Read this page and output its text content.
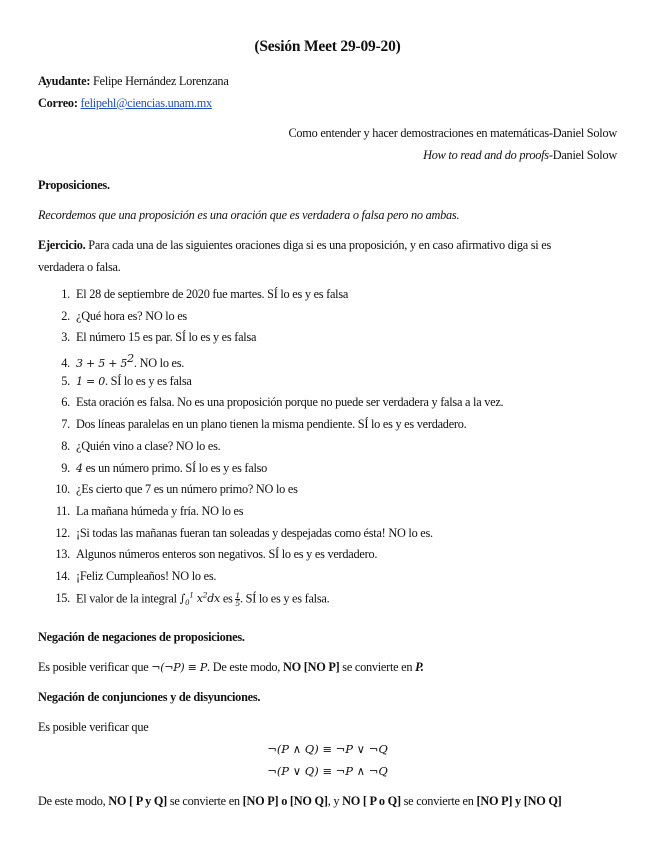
(Sesión Meet 29-09-20)
Ayudante: Felipe Hernández Lorenzana
Correo: felipehl@ciencias.unam.mx
Como entender y hacer demostraciones en matemáticas-Daniel Solow
How to read and do proofs-Daniel Solow
Proposiciones.
Recordemos que una proposición es una oración que es verdadera o falsa pero no ambas.
Ejercicio. Para cada una de las siguientes oraciones diga si es una proposición, y en caso afirmativo diga si es
verdadera o falsa.
1. El 28 de septiembre de 2020 fue martes. SÍ lo es y es falsa
2. ¿Qué hora es? NO lo es
3. El número 15 es par. SÍ lo es y es falsa
4. $3 + 5 + 5^2$. NO lo es.
5. 1 = 0. SÍ lo es y es falsa
6. Esta oración es falsa. No es una proposición porque no puede ser verdadera y falsa a la vez.
7. Dos líneas paralelas en un plano tienen la misma pendiente. SÍ lo es y es verdadero.
8. ¿Quién vino a clase? NO lo es.
9. 4 es un número primo. SÍ lo es y es falso
10. ¿Es cierto que 7 es un número primo? NO lo es
11. La mañana húmeda y fría. NO lo es
12. ¡Si todas las mañanas fueran tan soleadas y despejadas como ésta! NO lo es.
13. Algunos números enteros son negativos. SÍ lo es y es verdadero.
14. ¡Feliz Cumpleaños! NO lo es.
15. El valor de la integral $\int_0^1$ $x^2dx$ es $\frac{1}{5}$ . SÍ lo es y es falsa.
Negación de negaciones de proposiciones.
Es posible verificar que ¬(¬P) ≡ P. De este modo, NO [NO P] se convierte en P.
Negación de conjunciones y de disyunciones.
Es posible verificar que
¬(P ∧ Q) ≡ ¬P ∨ ¬Q
¬(P ∨ Q) ≡ ¬P ∧ ¬Q
De este modo, NO [ P y Q] se convierte en [NO P] o [NO Q], y NO [ P o Q] se convierte en [NO P] y [NO Q]
